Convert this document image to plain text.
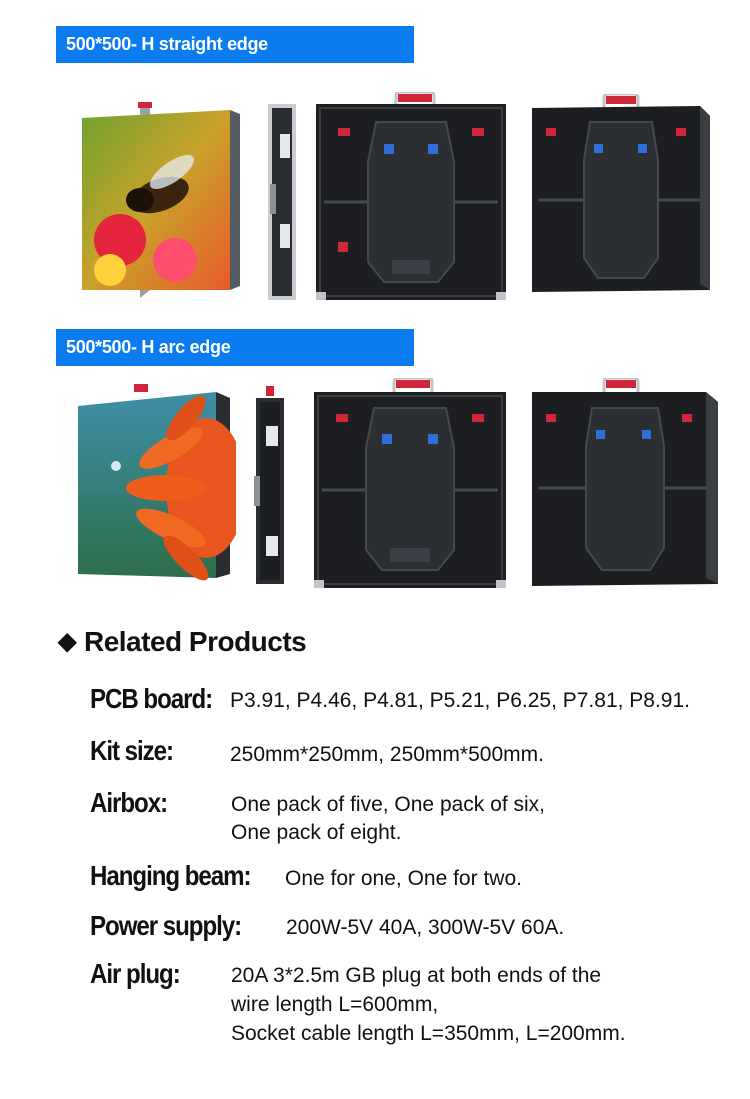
500*500- H straight edge
500*500- H arc edge
◆ Related Products
PCB board: P3.91, P4.46, P4.81, P5.21, P6.25, P7.81, P8.91.
Kit size:	250mm*250mm, 250mm*500mm.
Airbox:	One pack of five, One pack of six,
One pack of eight.
Hanging beam: One for one, One for two.
Power supply: 200W-5V 40A, 300W-5V 60A.
Air plug: 20A 3*2.5m GB plug at both ends of the
wire length L=600mm,
Socket cable length L=350mm, L=200mm.
